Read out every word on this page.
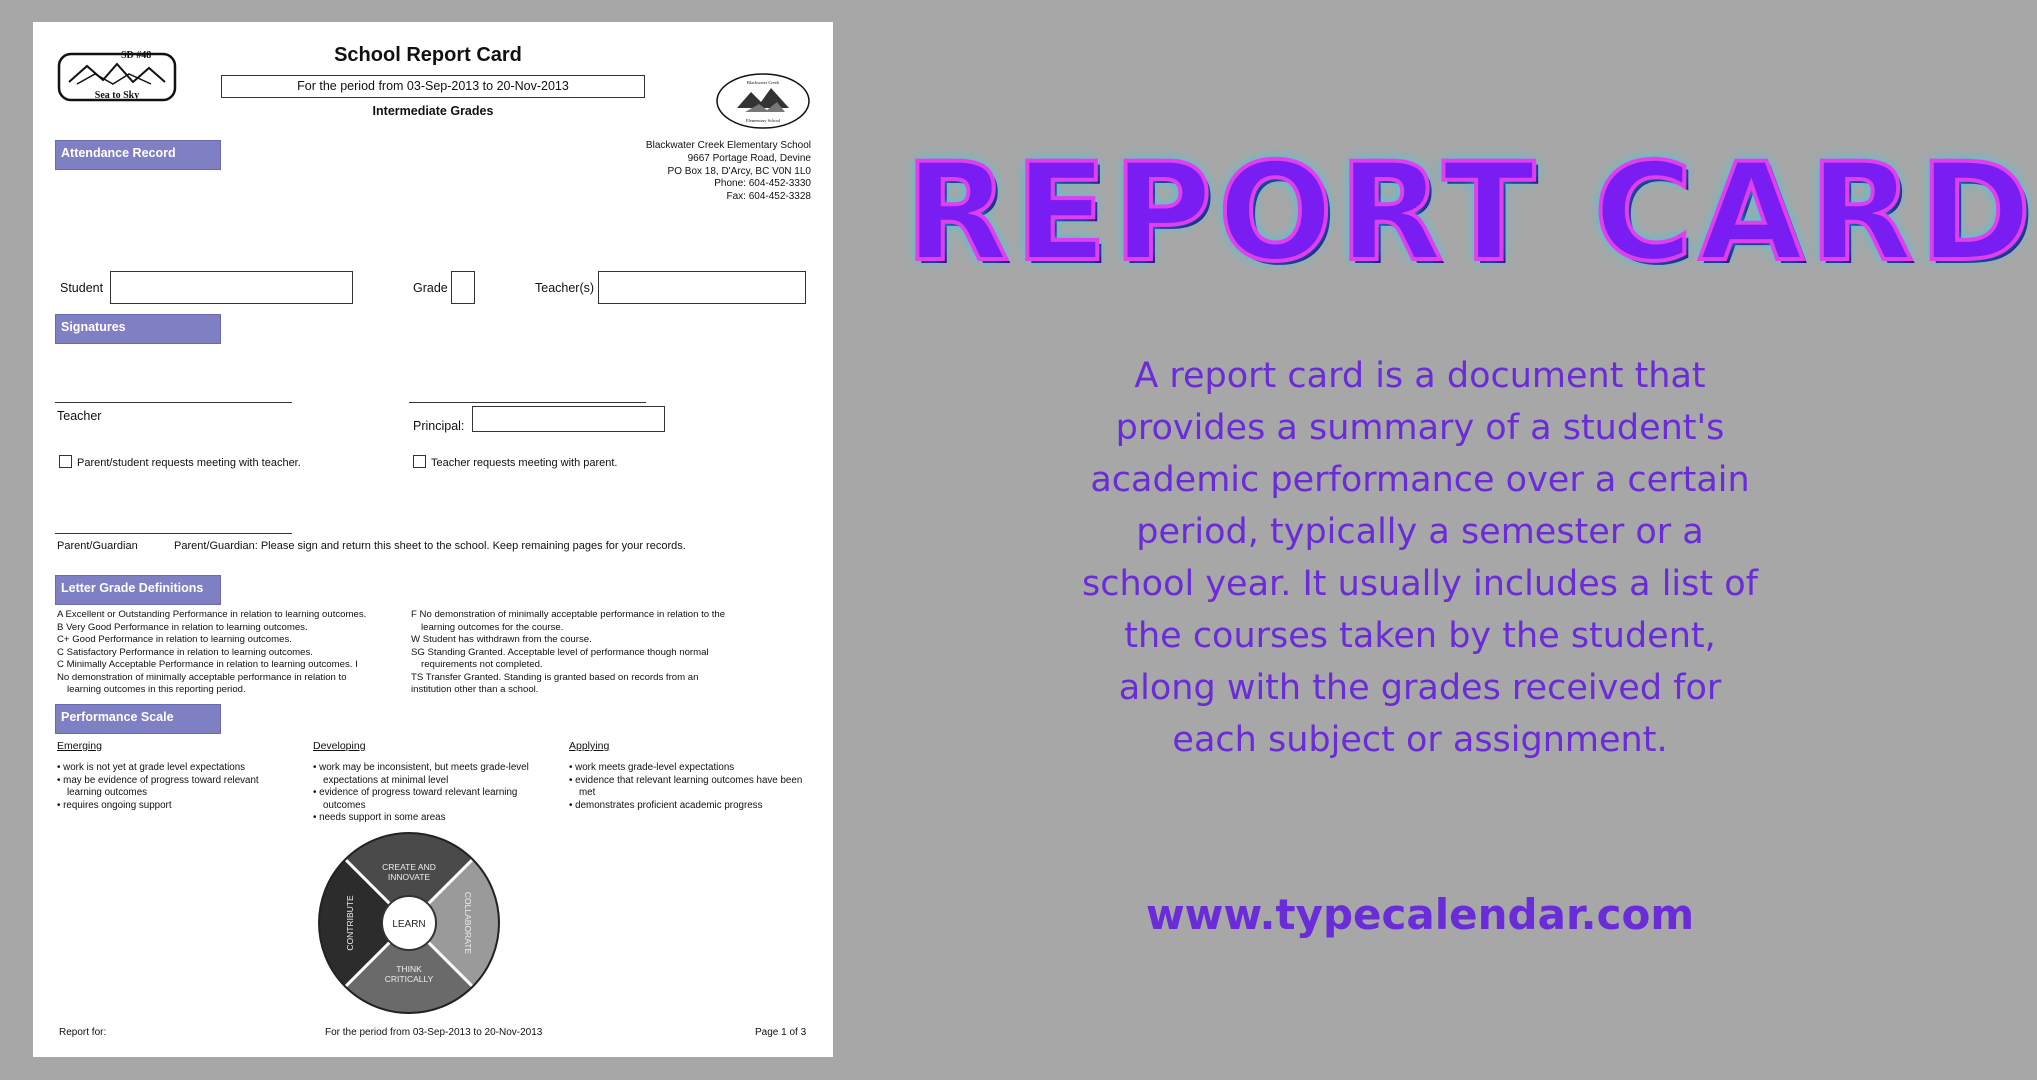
SD #48
Sea to Sky
School Report Card
For the period from 03-Sep-2013 to 20-Nov-2013
Intermediate Grades
Blackwater Creek
Elementary School
Attendance Record
Blackwater Creek Elementary School
9667 Portage Road, Devine
PO Box 18, D'Arcy, BC V0N 1L0
Phone: 604-452-3330
Fax: 604-452-3328
Student	Grade	Teacher(s)
Signatures
Teacher
Principal:
Parent/student requests meeting with teacher.	Teacher requests meeting with parent.
Parent/Guardian	Parent/Guardian: Please sign and return this sheet to the school. Keep remaining pages for your records.
Letter Grade Definitions
A Excellent or Outstanding Performance in relation to learning outcomes.
B Very Good Performance in relation to learning outcomes.
C+ Good Performance in relation to learning outcomes.
C Satisfactory Performance in relation to learning outcomes.
C Minimally Acceptable Performance in relation to learning outcomes. I
No demonstration of minimally acceptable performance in relation to
learning outcomes in this reporting period.
F No demonstration of minimally acceptable performance in relation to the
learning outcomes for the course.
W Student has withdrawn from the course.
SG Standing Granted. Acceptable level of performance though normal
requirements not completed.
TS Transfer Granted. Standing is granted based on records from an
institution other than a school.
Performance Scale
Emerging
• work is not yet at grade level expectations
• may be evidence of progress toward relevant
learning outcomes
• requires ongoing support
Developing
• work may be inconsistent, but meets grade-level
expectations at minimal level
• evidence of progress toward relevant learning
outcomes
• needs support in some areas
Applying
• work meets grade-level expectations
• evidence that relevant learning outcomes have been
met
• demonstrates proficient academic progress
LEARN
CREATE AND
INNOVATE
THINK
CRITICALLY
CONTRIBUTE	COLLABORATE
Report for:	For the period from 03-Sep-2013 to 20-Nov-2013	Page 1 of 3
REPORT CARD
A report card is a document that provides a summary of a student's academic performance over a certain period, typically a semester or a school year. It usually includes a list of the courses taken by the student, along with the grades received for each subject or assignment.
www.typecalendar.com
